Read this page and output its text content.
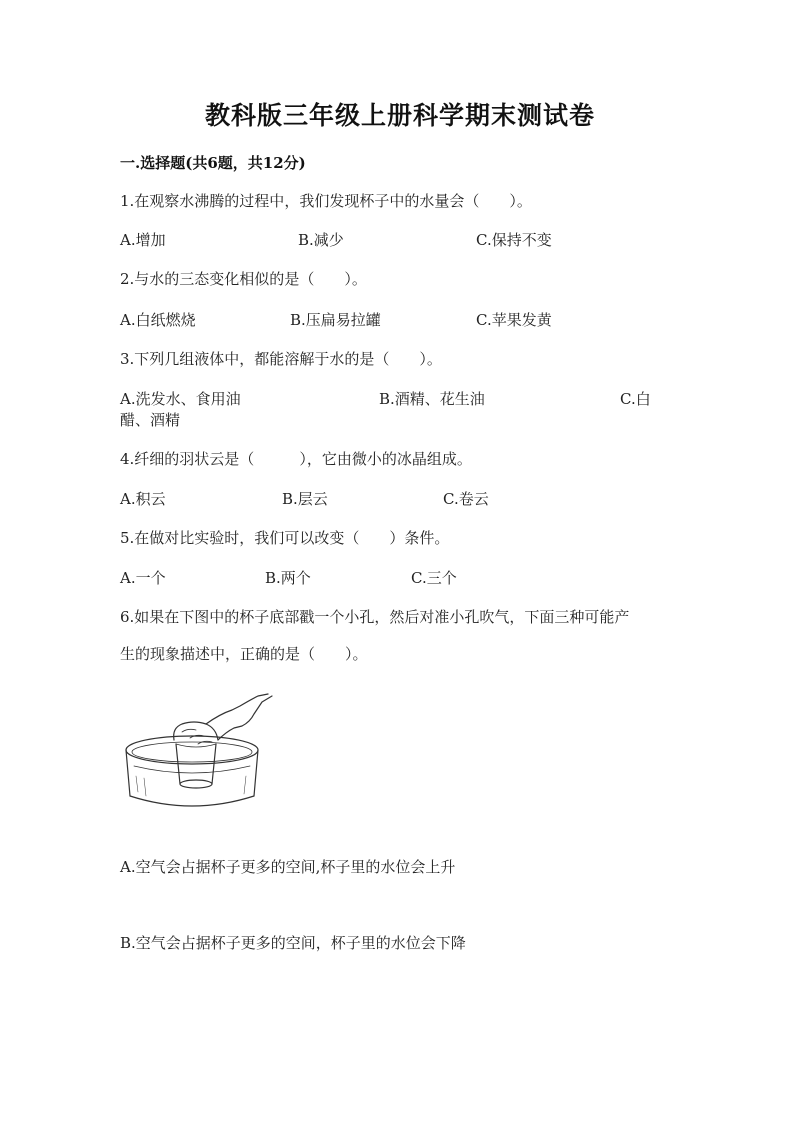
教科版三年级上册科学期末测试卷
一.选择题(共6题，共12分)
1.在观察水沸腾的过程中，我们发现杯子中的水量会（　　）。
A.增加	B.减少	C.保持不变
2.与水的三态变化相似的是（　　）。
A.白纸燃烧	B.压扁易拉罐	C.苹果发黄
3.下列几组液体中，都能溶解于水的是（　　）。
A.洗发水、食用油	B.酒精、花生油	C.白
醋、酒精
4.纤细的羽状云是（　　　），它由微小的冰晶组成。
A.积云	B.层云	C.卷云
5.在做对比实验时，我们可以改变（　　）条件。
A.一个	B.两个	C.三个
6.如果在下图中的杯子底部戳一个小孔，然后对准小孔吹气，下面三种可能产
生的现象描述中，正确的是（　　）。
A.空气会占据杯子更多的空间,杯子里的水位会上升
B.空气会占据杯子更多的空间，杯子里的水位会下降
